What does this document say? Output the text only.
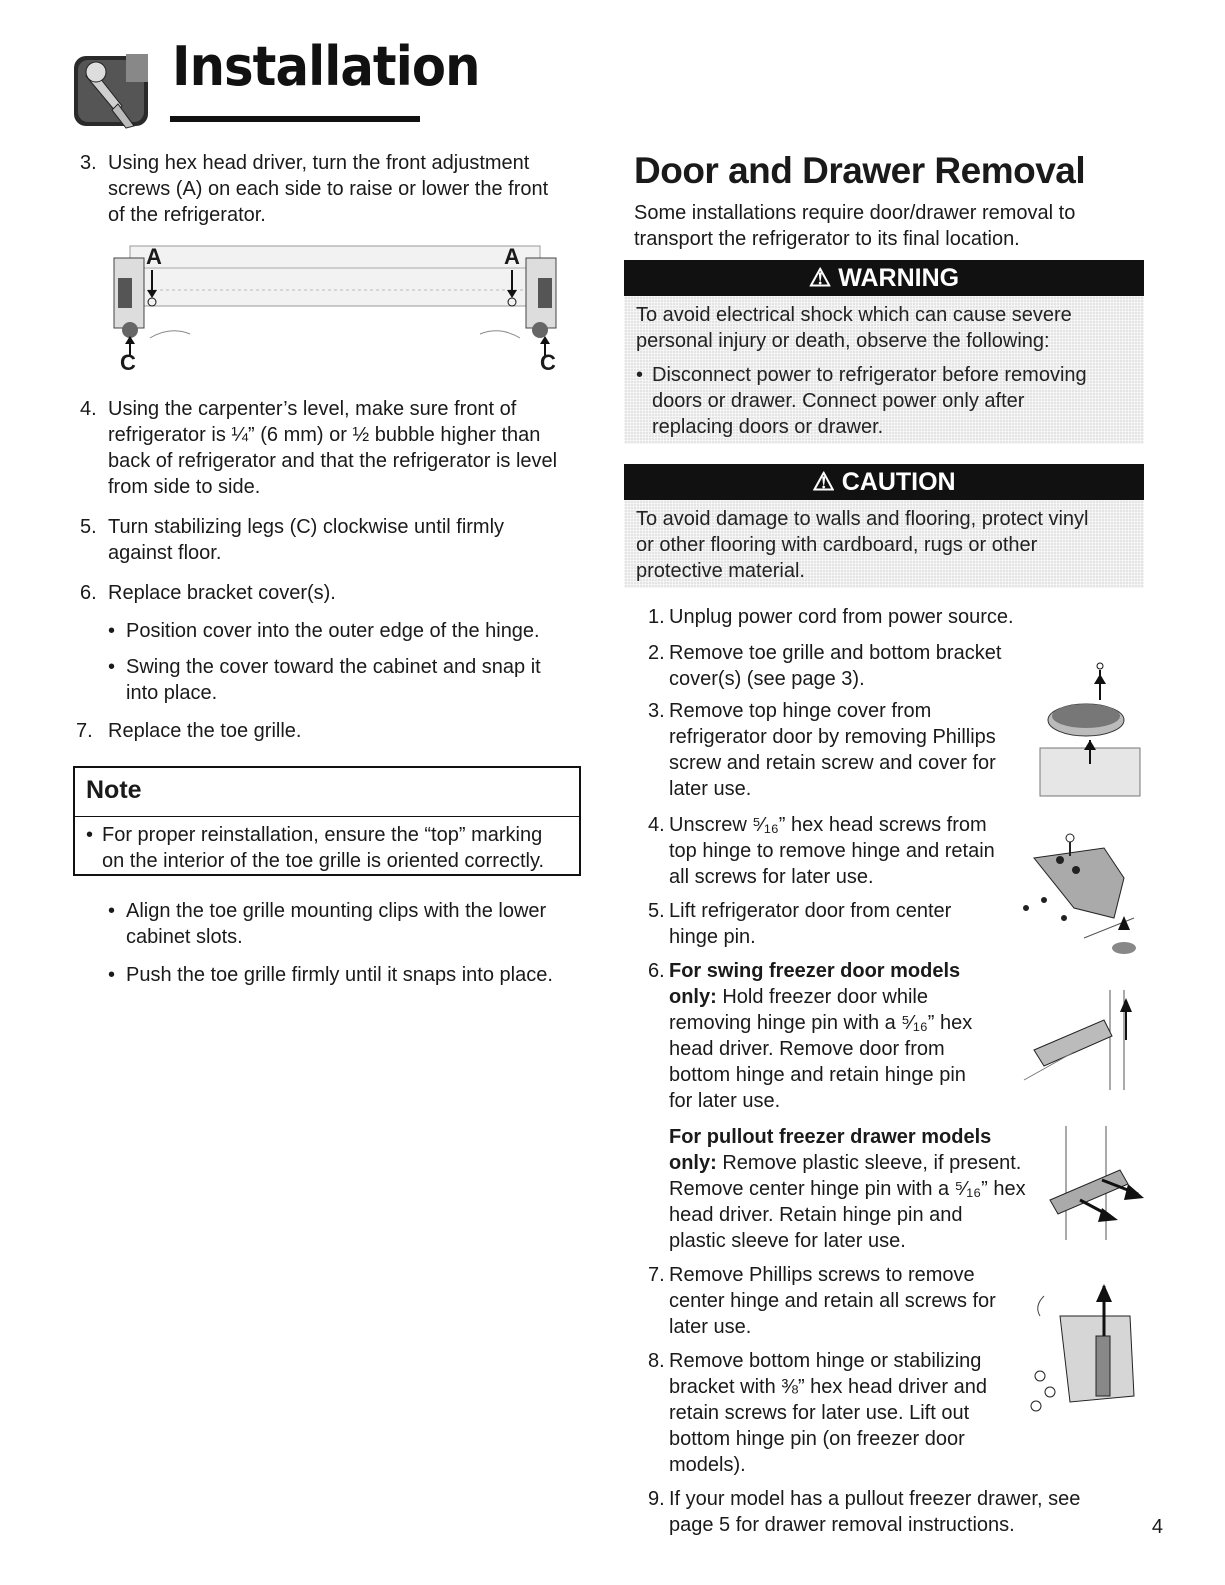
Installation
3. Using hex head driver, turn the front adjustment
screws (A) on each side to raise or lower the front
of the refrigerator.
A	A
C	C
4. Using the carpenter’s level, make sure front of
refrigerator is ¼” (6 mm) or ½ bubble higher than
back of refrigerator and that the refrigerator is level
from side to side.
5. Turn stabilizing legs (C) clockwise until firmly
against floor.
6. Replace bracket cover(s).
• Position cover into the outer edge of the hinge.
• Swing the cover toward the cabinet and snap it
into place.
7. Replace the toe grille.
Note
• For proper reinstallation, ensure the “top” marking
on the interior of the toe grille is oriented correctly.
• Align the toe grille mounting clips with the lower
cabinet slots.
• Push the toe grille firmly until it snaps into place.
Door and Drawer Removal
Some installations require door/drawer removal to
transport the refrigerator to its final location.
⚠ WARNING
To avoid electrical shock which can cause severe
personal injury or death, observe the following:
• Disconnect power to refrigerator before removing
doors or drawer. Connect power only after
replacing doors or drawer.
⚠ CAUTION
To avoid damage to walls and flooring, protect vinyl
or other flooring with cardboard, rugs or other
protective material.
1. Unplug power cord from power source.
2. Remove toe grille and bottom bracket
cover(s) (see page 3).
3. Remove top hinge cover from
refrigerator door by removing Phillips
screw and retain screw and cover for
later use.
4. Unscrew ⁵⁄₁₆” hex head screws from
top hinge to remove hinge and retain
all screws for later use.
5. Lift refrigerator door from center
hinge pin.
6. For swing freezer door models
only: Hold freezer door while
removing hinge pin with a ⁵⁄₁₆” hex
head driver. Remove door from
bottom hinge and retain hinge pin
for later use.
For pullout freezer drawer models
only: Remove plastic sleeve, if present.
Remove center hinge pin with a ⁵⁄₁₆” hex
head driver. Retain hinge pin and
plastic sleeve for later use.
7. Remove Phillips screws to remove
center hinge and retain all screws for
later use.
8. Remove bottom hinge or stabilizing
bracket with ⅜” hex head driver and
retain screws for later use. Lift out
bottom hinge pin (on freezer door
models).
9. If your model has a pullout freezer drawer, see
page 5 for drawer removal instructions.	4
